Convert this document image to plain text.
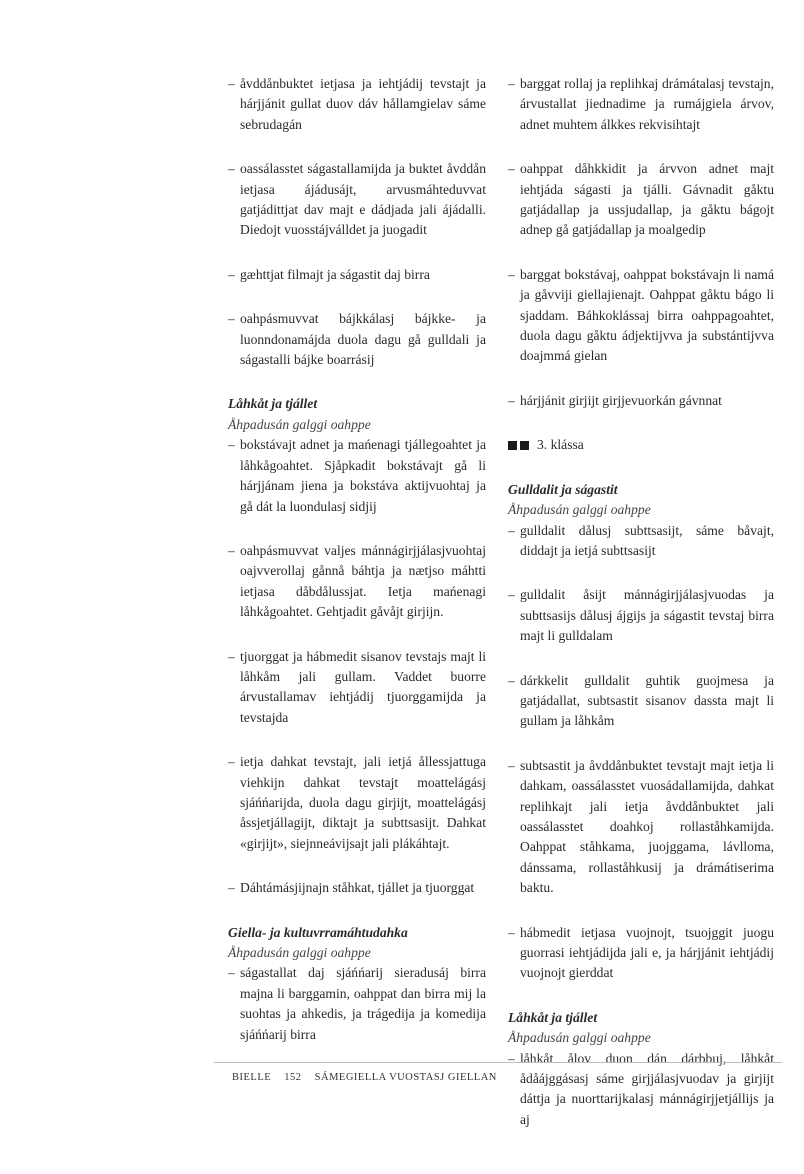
– åvddånbuktet ietjasa ja iehtjádij tevstajt ja hárjjánit gullat duov dáv hållamgielav sáme sebrudagán
– oassálasstet ságastallamijda ja buktet åvddån ietjasa ájádusájt, arvusmáhteduvvat gatjádittjat dav majt e dádjada jali ájádalli. Diedojt vuosstájválldet ja juogadit
– gæhttjat filmajt ja ságastit daj birra
– oahpásmuvvat bájkkálasj bájkke- ja luonndonamájda duola dagu gå gulldali ja ságastalli bájke boarrásij

Låhkåt ja tjállet

Åhpadusán galggi oahppe

– bokstávajt adnet ja mańenagi tjállegoahtet ja låhkågoahtet. Sjåpkadit bokstávajt gå li hárjjánam jiena ja bokstáva aktijvuohtaj ja gå dát la luondulasj sidjij
– oahpásmuvvat valjes mánnágirjjálasjvuohtaj oajvverollaj gånnå báhtja ja nætjso máhtti ietjasa dåbdålussjat. Ietja mańenagi låhkågoahtet. Gehtjadit gåvåjt girjijn.
– tjuorggat ja hábmedit sisanov tevstajs majt li låhkåm jali gullam. Vaddet buorre árvustallamav iehtjádij tjuorggamijda ja tevstajda
– ietja dahkat tevstajt, jali ietjá ållessjattuga viehkijn dahkat tevstajt moattelágásj sjáńńarijda, duola dagu girjijt, moattelágásj åssjetjállagijt, diktajt ja subttsasijt. Dahkat «girjijt», siejnneávijsajt jali plákáhtajt.
– Dáhtámásjijnajn ståhkat, tjállet ja tjuorggat

Giella- ja kultuvrramáhtudahka

Åhpadusán galggi oahppe

– ságastallat daj sjáńńarij sieradusáj birra majna li barggamin, oahppat dan birra mij la suohtas ja ahkedis, ja trágedija ja komedija sjáńńarij birra
– barggat rollaj ja replihkaj drámátalasj tevstajn, árvustallat jiednadime ja rumájgiela árvov, adnet muhtem álkkes rekvisihtajt
– oahppat dåhkkidit ja árvvon adnet majt iehtjáda ságasti ja tjálli. Gávnadit gåktu gatjádallap ja ussjudallap, ja gåktu bágojt adnep gå gatjádallap ja moalgedip
– barggat bokstávaj, oahppat bokstávajn li namá ja gåvviji giellajienajt. Oahppat gåktu bágo li sjaddam. Báhkoklássaj birra oahppagoahtet, duola dagu gåktu ádjektijvva ja substántijvva doajmmá gielan
– hárjjánit girjijt girjjevuorkán gávnnat
3. klássa

Gulldalit ja ságastit

Åhpadusán galggi oahppe

– gulldalit dålusj subttsasijt, sáme båvajt, diddajt ja ietjá subttsasijt
– gulldalit åsijt mánnágirjjálasjvuodas ja subttsasijs dålusj ájgijs ja ságastit tevstaj birra majt li gulldalam
– dárkkelit gulldalit guhtik guojmesa ja gatjádallat, subtsastit sisanov dassta majt li gullam ja låhkåm
– subtsastit ja åvddånbuktet tevstajt majt ietja li dahkam, oassálasstet vuosádallamijda, dahkat replihkajt jali ietja åvddånbuktet jali oassálasstet doahkoj rollaståhkamijda. Oahppat ståhkama, juojggama, lávlloma, dánssama, rollaståhkusij ja drámátiserima baktu.
– hábmedit ietjasa vuojnojt, tsuojggit juogu guorrasi iehtjádijda jali e, ja hárjjánit iehtjádij vuojnojt gierddat

Låhkåt ja tjállet

Åhpadusán galggi oahppe

– låhkåt ålov duon dán dárbbuj, låhkåt ådåájggásasj sáme girjjálasjvuodav ja girjijt dáttja ja nuorttarijkalasj mánnágirjjetjállijs ja aj
BIELLE 152 SÁMEGIELLA VUOSTASJ GIELLAN
